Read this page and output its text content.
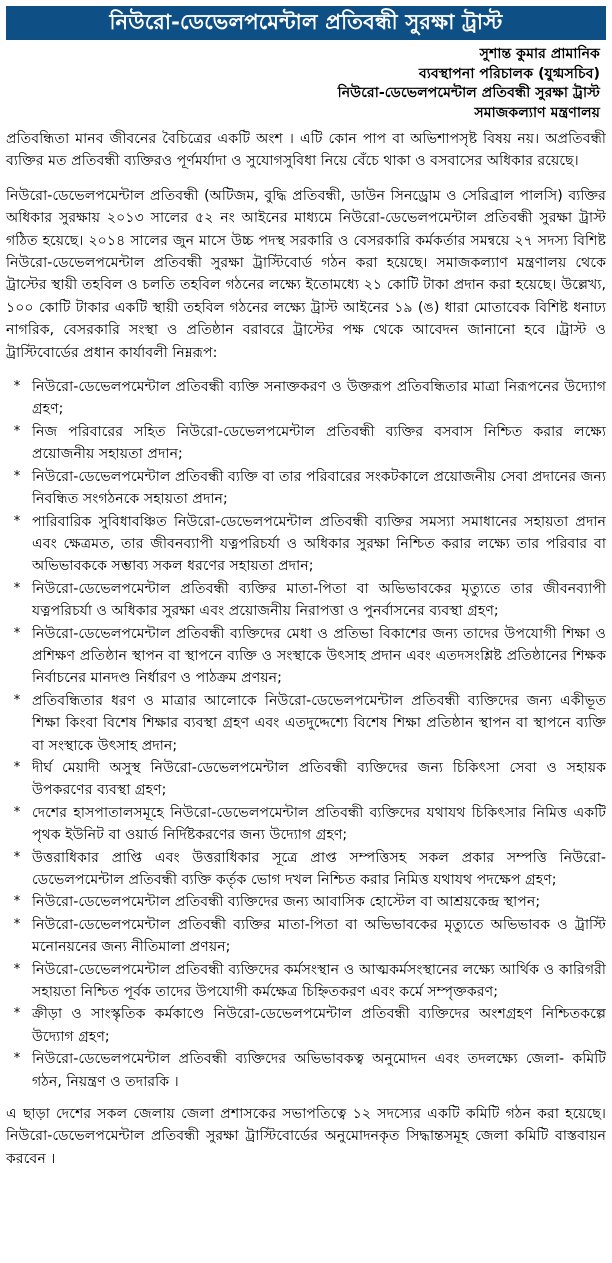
নিউরো-ডেভেলপমেন্টাল প্রতিবন্ধী সুরক্ষা ট্রাস্ট
সুশান্ত কুমার প্রামানিক
ব্যবস্থাপনা পরিচালক (যুগ্মসচিব)
নিউরো-ডেভেলপমেন্টাল প্রতিবন্ধী সুরক্ষা ট্রাস্ট
সমাজকল্যাণ মন্ত্রণালয়

প্রতিবন্ধিতা মানব জীবনের বৈচিত্রের একটি অংশ । এটি কোন পাপ বা অভিশাপসৃষ্ট বিষয় নয়। অপ্রতিবন্ধী ব্যক্তির মত প্রতিবন্ধী ব্যক্তিরও পূর্ণমর্যাদা ও সুযোগসুবিধা নিয়ে বেঁচে থাকা ও বসবাসের অধিকার রয়েছে।

নিউরো-ডেভেলপমেন্টাল প্রতিবন্ধী (অটিজম, বুদ্ধি প্রতিবন্ধী, ডাউন সিনড্রোম ও সেরিব্রাল পালসি) ব্যক্তির অধিকার সুরক্ষায় ২০১৩ সালের ৫২ নং আইনের মাধ্যমে নিউরো-ডেভেলপমেন্টাল প্রতিবন্ধী সুরক্ষা ট্রাস্ট গঠিত হয়েছে। ২০১৪ সালের জুন মাসে উচ্চ পদস্থ সরকারি ও বেসরকারি কর্মকর্তার সমন্বয়ে ২৭ সদস্য বিশিষ্ট নিউরো-ডেভেলপমেন্টাল প্রতিবন্ধী সুরক্ষা ট্রাস্টিবোর্ড গঠন করা হয়েছে। সমাজকল্যাণ মন্ত্রণালয় থেকে ট্রাস্টের স্থায়ী তহবিল ও চলতি তহবিল গঠনের লক্ষ্যে ইতোমধ্যে ২১ কোটি টাকা প্রদান করা হয়েছে। উল্লেখ্য, ১০০ কোটি টাকার একটি স্থায়ী তহবিল গঠনের লক্ষ্যে ট্রাস্ট আইনের ১৯ (ঙ) ধারা মোতাবেক বিশিষ্ট ধনাঢ্য নাগরিক, বেসরকারি সংস্থা ও প্রতিষ্ঠান বরাবরে ট্রাস্টের পক্ষ থেকে আবেদন জানানো হবে ।ট্রাস্ট ও ট্রাস্টিবোর্ডের প্রধান কার্যাবলী নিম্নরূপ:

* নিউরো-ডেভেলপমেন্টাল প্রতিবন্ধী ব্যক্তি সনাক্তকরণ ও উক্তরূপ প্রতিবন্ধিতার মাত্রা নিরূপনের উদ্যোগ গ্রহণ;
* নিজ পরিবারের সহিত নিউরো-ডেভেলপমেন্টাল প্রতিবন্ধী ব্যক্তির বসবাস নিশ্চিত করার লক্ষ্যে প্রয়োজনীয় সহায়তা প্রদান;
* নিউরো-ডেভেলপমেন্টাল প্রতিবন্ধী ব্যক্তি বা তার পরিবারের সংকটকালে প্রয়োজনীয় সেবা প্রদানের জন্য নিবন্ধিত সংগঠনকে সহায়তা প্রদান;
* পারিবারিক সুবিধাবঞ্চিত নিউরো-ডেভেলপমেন্টাল প্রতিবন্ধী ব্যক্তির সমস্যা সমাধানের সহায়তা প্রদান এবং ক্ষেত্রমত, তার জীবনব্যাপী যত্নপরিচর্যা ও অধিকার সুরক্ষা নিশ্চিত করার লক্ষ্যে তার পরিবার বা অভিভাবককে সম্ভাব্য সকল ধরণের সহায়তা প্রদান;
* নিউরো-ডেভেলপমেন্টাল প্রতিবন্ধী ব্যক্তির মাতা-পিতা বা অভিভাবকের মৃত্যুতে তার জীবনব্যাপী যত্নপরিচর্যা ও অধিকার সুরক্ষা এবং প্রয়োজনীয় নিরাপত্তা ও পুনর্বাসনের ব্যবস্থা গ্রহণ;
* নিউরো-ডেভেলপমেন্টাল প্রতিবন্ধী ব্যক্তিদের মেধা ও প্রতিভা বিকাশের জন্য তাদের উপযোগী শিক্ষা ও প্রশিক্ষণ প্রতিষ্ঠান স্থাপন বা স্থাপনে ব্যক্তি ও সংস্থাকে উৎসাহ প্রদান এবং এতদসংশ্লিষ্ট প্রতিষ্ঠানের শিক্ষক নির্বাচনের মানদণ্ড নির্ধারণ ও পাঠক্রম প্রণয়ন;
* প্রতিবন্ধিতার ধরণ ও মাত্রার আলোকে নিউরো-ডেভেলপমেন্টাল প্রতিবন্ধী ব্যক্তিদের জন্য একীভূত শিক্ষা কিংবা বিশেষ শিক্ষার ব্যবস্থা গ্রহণ এবং এতদুদ্দেশ্যে বিশেষ শিক্ষা প্রতিষ্ঠান স্থাপন বা স্থাপনে ব্যক্তি বা সংস্থাকে উৎসাহ প্রদান;
* দীর্ঘ মেয়াদী অসুস্থ নিউরো-ডেভেলপমেন্টাল প্রতিবন্ধী ব্যক্তিদের জন্য চিকিৎসা সেবা ও সহায়ক উপকরণের ব্যবস্থা গ্রহণ;
* দেশের হাসপাতালসমূহে নিউরো-ডেভেলপমেন্টাল প্রতিবন্ধী ব্যক্তিদের যথাযথ চিকিৎসার নিমিত্ত একটি পৃথক ইউনিট বা ওয়ার্ড নির্দিষ্টকরণের জন্য উদ্যোগ গ্রহণ;
* উত্তরাধিকার প্রাপ্তি এবং উত্তরাধিকার সূত্রে প্রাপ্ত সম্পত্তিসহ সকল প্রকার সম্পত্তি নিউরো-ডেভেলপমেন্টাল প্রতিবন্ধী ব্যক্তি কর্তৃক ভোগ দখল নিশ্চিত করার নিমিত্ত যথাযথ পদক্ষেপ গ্রহণ;
* নিউরো-ডেভেলপমেন্টাল প্রতিবন্ধী ব্যক্তিদের জন্য আবাসিক হোস্টেল বা আশ্রয়কেন্দ্র স্থাপন;
* নিউরো-ডেভেলপমেন্টাল প্রতিবন্ধী ব্যক্তির মাতা-পিতা বা অভিভাবকের মৃত্যুতে অভিভাবক ও ট্রাস্টি মনোনয়নের জন্য নীতিমালা প্রণয়ন;
* নিউরো-ডেভেলপমেন্টাল প্রতিবন্ধী ব্যক্তিদের কর্মসংস্থান ও আত্মকর্মসংস্থানের লক্ষ্যে আর্থিক ও কারিগরী সহায়তা নিশ্চিত পূর্বক তাদের উপযোগী কর্মক্ষেত্র চিহ্নিতকরণ এবং কর্মে সম্পৃক্তকরণ;
* ক্রীড়া ও সাংস্কৃতিক কর্মকাণ্ডে নিউরো-ডেভেলপমেন্টাল প্রতিবন্ধী ব্যক্তিদের অংশগ্রহণ নিশ্চিতকল্পে উদ্যোগ গ্রহণ;
* নিউরো-ডেভেলপমেন্টাল প্রতিবন্ধী ব্যক্তিদের অভিভাবকত্ব অনুমোদন এবং তদলক্ষ্যে জেলা- কমিটি গঠন, নিয়ন্ত্রণ ও তদারকি ।

এ ছাড়া দেশের সকল জেলায় জেলা প্রশাসকের সভাপতিত্বে ১২ সদস্যের একটি কমিটি গঠন করা হয়েছে। নিউরো-ডেভেলপমেন্টাল প্রতিবন্ধী সুরক্ষা ট্রাস্টিবোর্ডের অনুমোদনকৃত সিদ্ধান্তসমূহ জেলা কমিটি বাস্তবায়ন করবেন ।
